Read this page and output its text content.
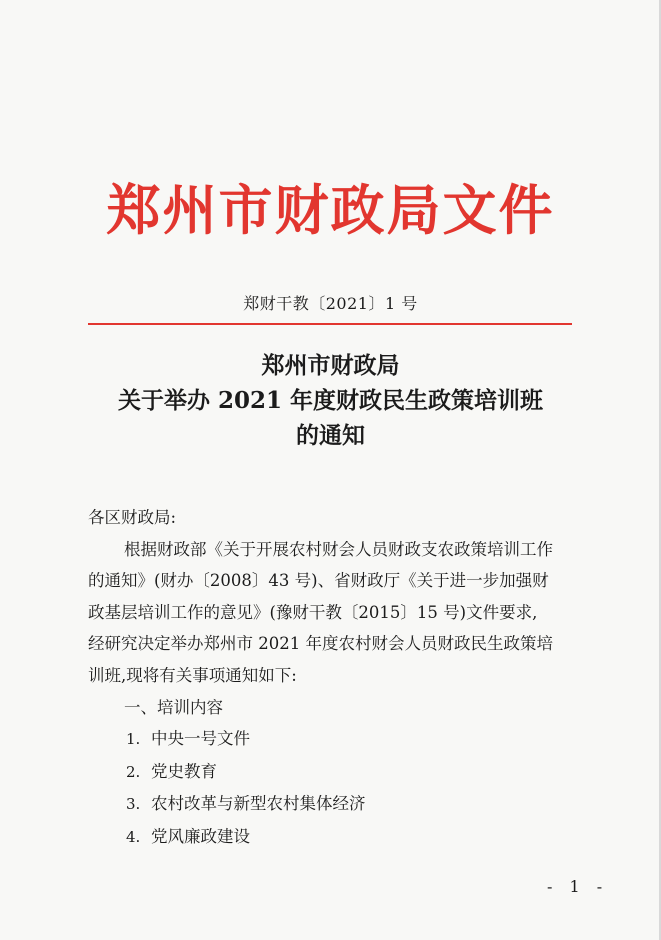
郑州市财政局文件
郑财干教〔2021〕1 号
郑州市财政局
关于举办 2021 年度财政民生政策培训班
的通知
各区财政局:
根据财政部《关于开展农村财会人员财政支农政策培训工作
的通知》(财办〔2008〕43 号)、省财政厅《关于进一步加强财
政基层培训工作的意见》(豫财干教〔2015〕15 号)文件要求,
经研究决定举办郑州市 2021 年度农村财会人员财政民生政策培
训班,现将有关事项通知如下:
一、培训内容
1. 中央一号文件
2. 党史教育
3. 农村改革与新型农村集体经济
4. 党风廉政建设
- 1 -
